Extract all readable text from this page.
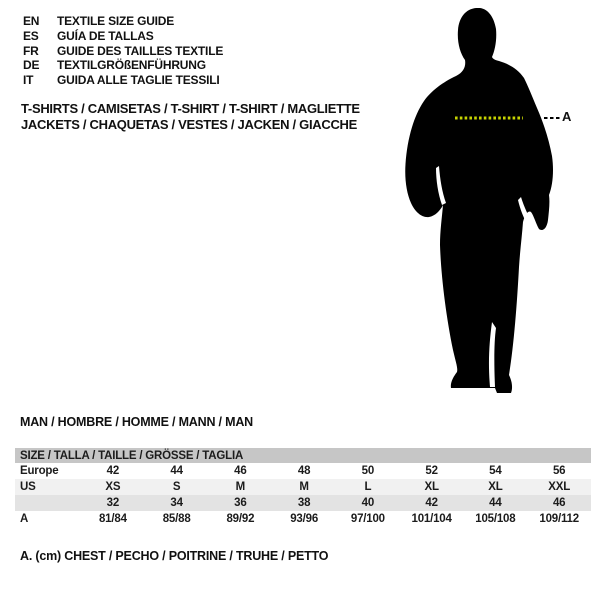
EN	TEXTILE SIZE GUIDE
ES	GUÍA DE TALLAS
FR	GUIDE DES TAILLES TEXTILE
DE	TEXTILGRÖßENFÜHRUNG
IT	GUIDA ALLE TAGLIE TESSILI
T-SHIRTS / CAMISETAS / T-SHIRT / T-SHIRT / MAGLIETTE
JACKETS / CHAQUETAS / VESTES / JACKEN / GIACCHE	A
MAN / HOMBRE / HOMME / MANN / MAN
SIZE / TALLA / TAILLE / GRÖSSE / TAGLIA								
Europe	42	44	46	48	50	52	54	56
US	XS	S	M	M	L	XL	XL	XXL
	32	34	36	38	40	42	44	46
A	81/84	85/88	89/92	93/96	97/100	101/104	105/108	109/112
A. (cm) CHEST / PECHO / POITRINE / TRUHE / PETTO
